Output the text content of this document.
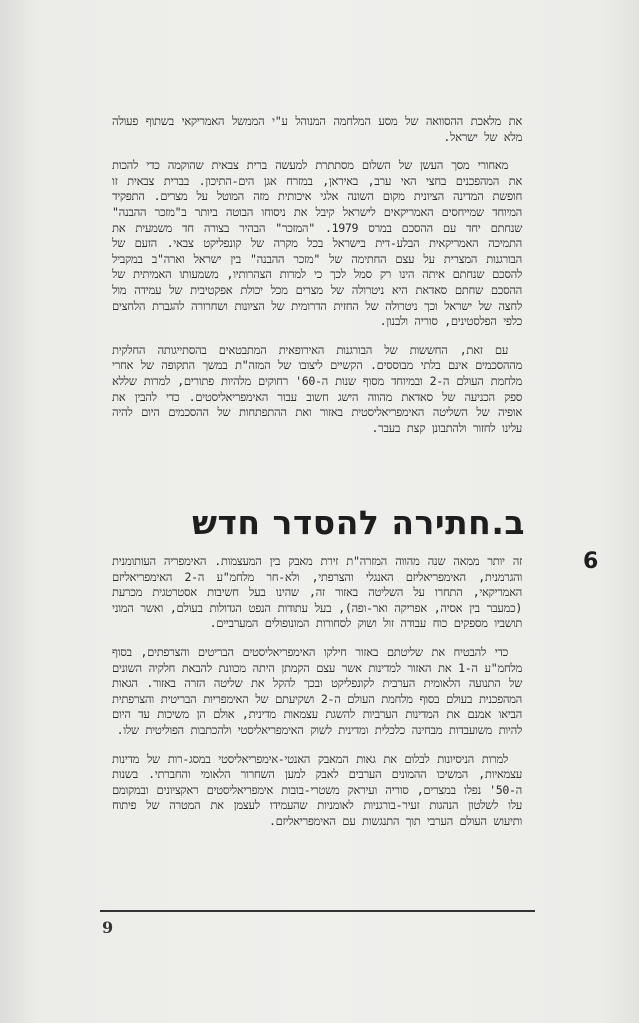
את מלאכת ההסוואה של מסע המלחמה המנוהל ע"י הממשל האמריקאי בשתוף פעולה מלא של ישראל.

מאחורי מסך העשן של השלום מסתתרת למעשה ברית צבאית שהוקמה כדי להכות את המהפכנים בחצי האי ערב, באיראן, במזרח אגן הים-התיכון. בברית צבאית זו חופשת המדינה הציונית מקום השונה אלגי איכותית מזה המוטל על מצרים. התפקיד המיוחד שמייחסים האמריקאים לישראל קיבל את ניסוחו הבוטה ביותר ב"מזכר ההבנה" שנחתם יחד עם ההסכם במרס 1979. "המזכר" הבהיר בצורה חד משמעית את התמיכה האמריקאית הבלע-דית בישראל בכל מקרה של קונפליקט צבאי. הזעם של הבורגנות המצרית על עצם החתימה של "מזכר ההבנה" בין ישראל וארה"ב במקביל להסכם שנחתם איתה הינו רק סמל לכך כי למרות הצהרותיו, משמעותו האמיתית של ההסכם שחתם סאדאת היא ניטרולה של מצרים מכל יכולת אפקטיבית של עמידה מול לחצה של ישראל וכך ניטרולה של החזית הדרומית של הציונות ושחרורה להגברת הלחצים כלפי הפלסטינים, סוריה ולבנון.

עם זאת, החששות של הבורגנות האירופאית המתבטאים בהסתייגותה החלקית מההסכמים אינם בלתי מבוססים. הקשיים ליצובו של המזה"ת במשך התקופה של אחרי מלחמת העולם ה-2 ובמיוחד מסוף שנות ה-60' רחוקים מלהיות פתורים, למרות שללא ספק הכניעה של סאדאת מהווה הישג חשוב עבור האימפריאליסטים. כדי להבין את אופיה של השליטה האימפריאליסטית באזור ואת ההתפתחות של ההסכמים היום להיה עלינו לחזור ולהתבונן קצת בעבר.

ב.חתירה להסדר חדש
6

זה יותר ממאה שנה מהווה המזרה"ת זירת מאבק בין המעצמות. האימפריה העותומנית והגרמנית, האימפריאליזם האנגלי והצרפתי, ולא-חר מלחמ"ע ה-2 האימפריאליזם האמריקאי, התחרו על השליטה באזור זה, שהינו בעל חשיבות אסטרטגית מכרעת (כמעבר בין אסיה, אפריקה ואר-ופה), בעל עתודות הנפט הגדולות בעולם, ואשר המוני תושביו מספקים כוח עבודה זול ושוק לסחורות המונופולים המערביים.

כדי להבטיח את שליטתם באזור חילקו האימפריאליסטים הבריטים והצרפתים, בסוף מלחמ"ע ה-1 את האזור למדינות אשר עצם הקמתן היתה מכוונת להבאת חלקיה השונים של התנועה הלאומית הערבית לקונפליקט ובכך להקל את שליטה הזרה באזור. הגאות המהפכנית בעולם בסוף מלחמת העולם ה-2 ושקיעתם של האימפריות הבריטית והצרפתית הביאו אמנם את המדינות הערביות להשגת עצמאות מדינית, אולם הן משיכות עד היום להיות משועבדות מבחינה כלכלית ומדינית לשוק האימפריאליסטי ולהכתבות הפוליטית שלו.

למרות הניסיונות לבלום את גאות המאבק האנטי-אימפריאליסטי במסג-רות של מדינות עצמאיות, המשיכו ההמונים הערבים לאבק למען השחרור הלאומי והחברתי. בשנות ה-50' נפלו במצרים, סוריה ועיראק משטרי-בובות אימפריאליסטים ראקציונים ובמקומם עלו לשלטון הנהגות זעיר-בורגניות לאומניות שהעמידו לעצמן את המטרה של פיתוח ותיעוש העולם הערבי תוך התנגשות עם האימפריאליזם.

9
